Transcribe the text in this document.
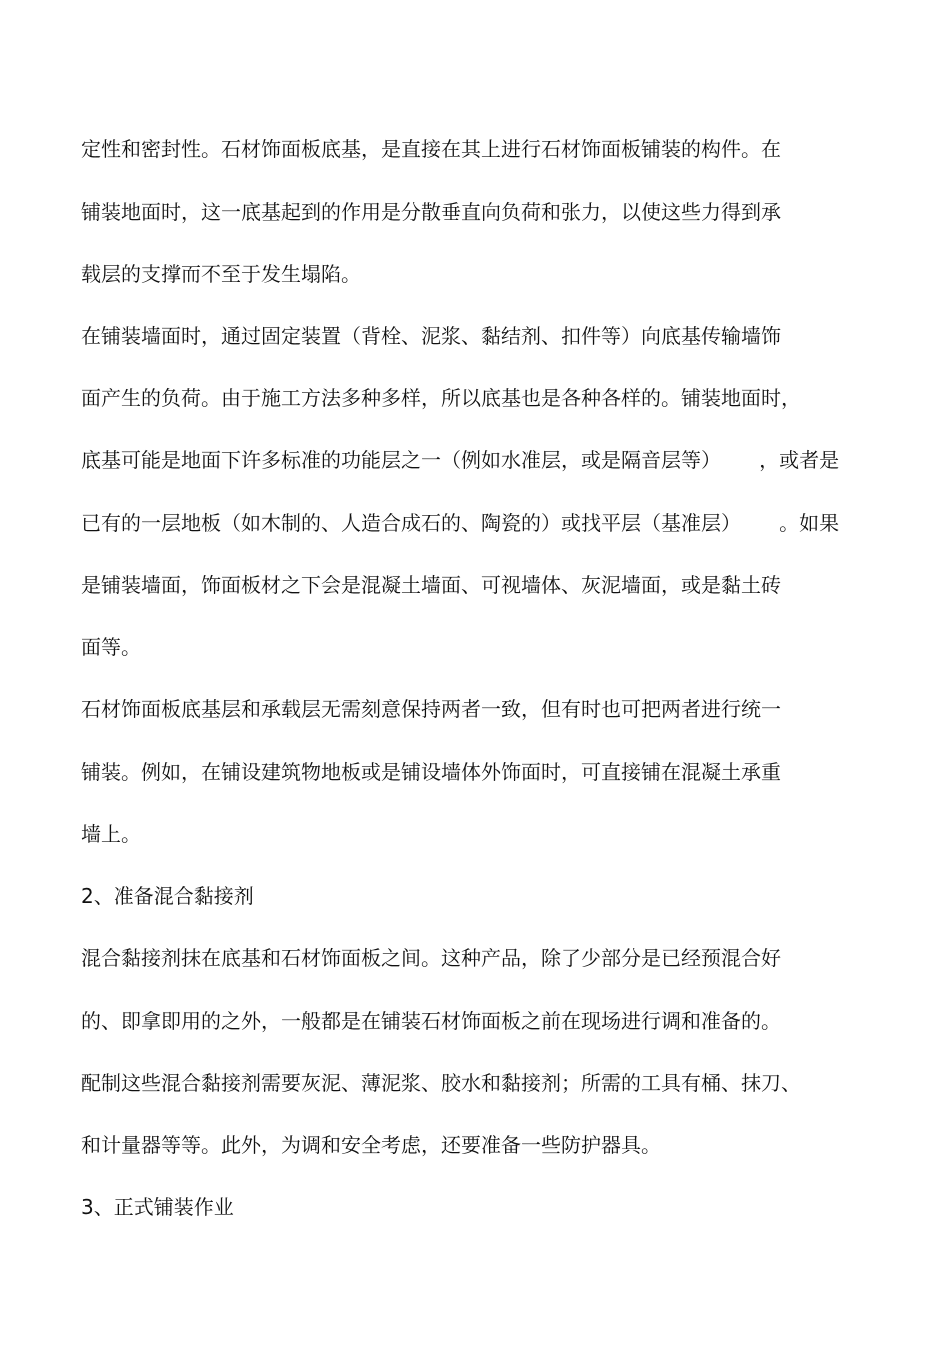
定性和密封性。石材饰面板底基，是直接在其上进行石材饰面板铺装的构件。在

铺装地面时，这一底基起到的作用是分散垂直向负荷和张力，以使这些力得到承

载层的支撑而不至于发生塌陷。

在铺装墙面时，通过固定装置（背栓、泥浆、黏结剂、扣件等）向底基传输墙饰

面产生的负荷。由于施工方法多种多样，所以底基也是各种各样的。铺装地面时，

底基可能是地面下许多标准的功能层之一（例如水准层，或是隔音层等）      ，或者是

已有的一层地板（如木制的、人造合成石的、陶瓷的）或找平层（基准层）      。如果

是铺装墙面，饰面板材之下会是混凝土墙面、可视墙体、灰泥墙面，或是黏土砖

面等。

石材饰面板底基层和承载层无需刻意保持两者一致，但有时也可把两者进行统一

铺装。例如，在铺设建筑物地板或是铺设墙体外饰面时，可直接铺在混凝土承重

墙上。

2、准备混合黏接剂

混合黏接剂抹在底基和石材饰面板之间。这种产品，除了少部分是已经预混合好

的、即拿即用的之外，一般都是在铺装石材饰面板之前在现场进行调和准备的。

配制这些混合黏接剂需要灰泥、薄泥浆、胶水和黏接剂；所需的工具有桶、抹刀、

和计量器等等。此外，为调和安全考虑，还要准备一些防护器具。

3、正式铺装作业
